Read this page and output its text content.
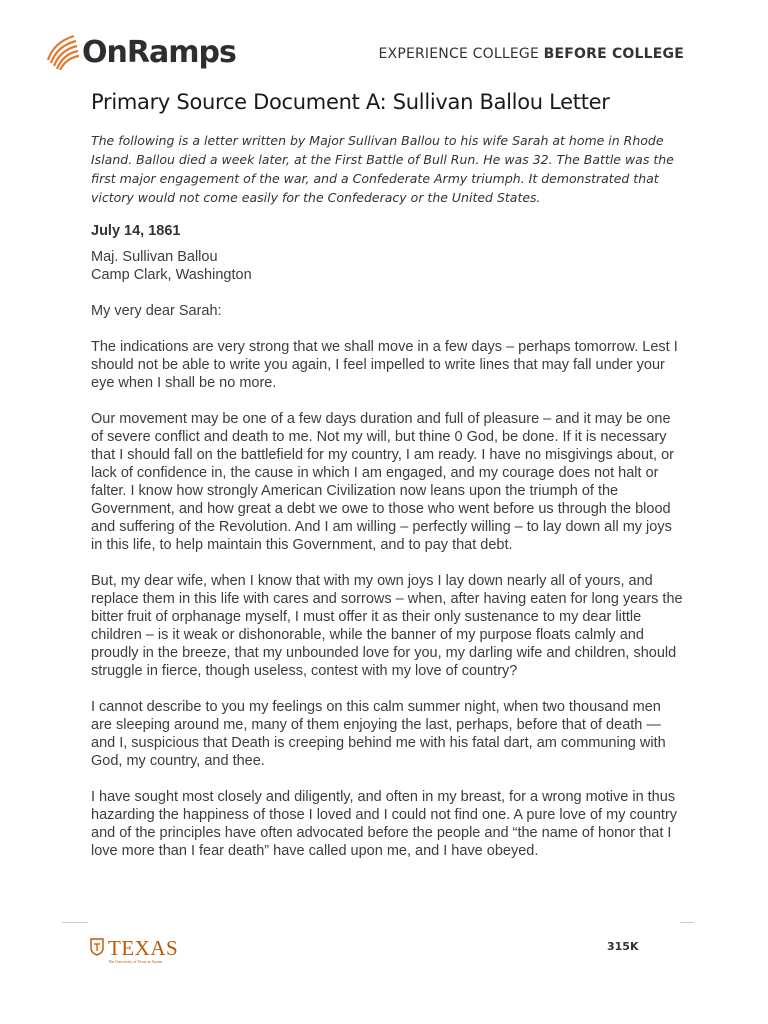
OnRamps	EXPERIENCE COLLEGE BEFORE COLLEGE
Primary Source Document A: Sullivan Ballou Letter
The following is a letter written by Major Sullivan Ballou to his wife Sarah at home in Rhode Island. Ballou died a week later, at the First Battle of Bull Run. He was 32. The Battle was the first major engagement of the war, and a Confederate Army triumph. It demonstrated that victory would not come easily for the Confederacy or the United States.

July 14, 1861

Maj. Sullivan Ballou
Camp Clark, Washington

My very dear Sarah:

The indications are very strong that we shall move in a few days – perhaps tomorrow. Lest I should not be able to write you again, I feel impelled to write lines that may fall under your eye when I shall be no more.

Our movement may be one of a few days duration and full of pleasure – and it may be one of severe conflict and death to me. Not my will, but thine 0 God, be done. If it is necessary that I should fall on the battlefield for my country, I am ready. I have no misgivings about, or lack of confidence in, the cause in which I am engaged, and my courage does not halt or falter. I know how strongly American Civilization now leans upon the triumph of the Government, and how great a debt we owe to those who went before us through the blood and suffering of the Revolution. And I am willing – perfectly willing – to lay down all my joys in this life, to help maintain this Government, and to pay that debt.

But, my dear wife, when I know that with my own joys I lay down nearly all of yours, and replace them in this life with cares and sorrows – when, after having eaten for long years the bitter fruit of orphanage myself, I must offer it as their only sustenance to my dear little children – is it weak or dishonorable, while the banner of my purpose floats calmly and proudly in the breeze, that my unbounded love for you, my darling wife and children, should struggle in fierce, though useless, contest with my love of country?

I cannot describe to you my feelings on this calm summer night, when two thousand men are sleeping around me, many of them enjoying the last, perhaps, before that of death — and I, suspicious that Death is creeping behind me with his fatal dart, am communing with God, my country, and thee.

I have sought most closely and diligently, and often in my breast, for a wrong motive in thus hazarding the happiness of those I loved and I could not find one. A pure love of my country and of the principles have often advocated before the people and “the name of honor that I love more than I fear death” have called upon me, and I have obeyed.

TEXAS
The University of Texas at Austin
315K
